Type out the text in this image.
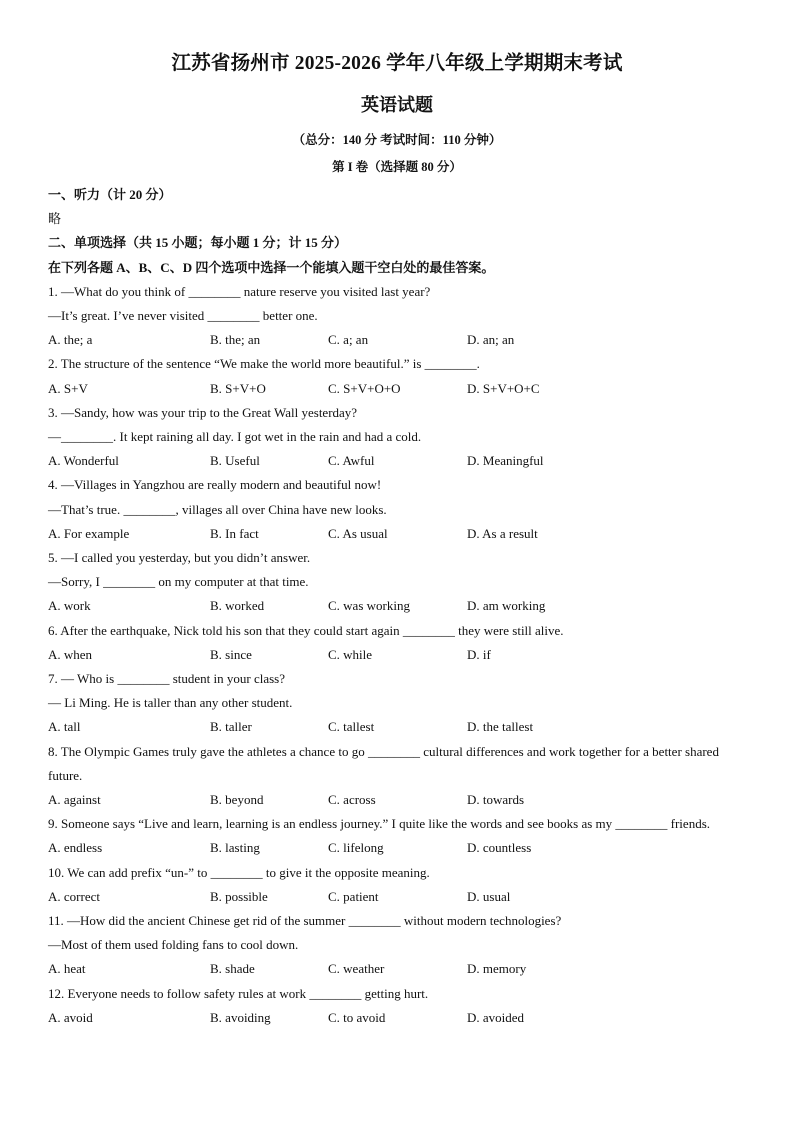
江苏省扬州市 2025-2026 学年八年级上学期期末考试
英语试题
（总分：140 分 考试时间：110 分钟）
第 I 卷（选择题 80 分）
一、听力（计 20 分）
略
二、单项选择（共 15 小题；每小题 1 分；计 15 分）
在下列各题 A、B、C、D 四个选项中选择一个能填入题干空白处的最佳答案。
1. —What do you think of ________ nature reserve you visited last year?
—It’s great. I’ve never visited ________ better one.
A. the; a	B. the; an	C. a; an	D. an; an
2. The structure of the sentence “We make the world more beautiful.” is ________.
A. S+V	B. S+V+O	C. S+V+O+O	D. S+V+O+C
3. —Sandy, how was your trip to the Great Wall yesterday?
—________. It kept raining all day. I got wet in the rain and had a cold.
A. Wonderful	B. Useful	C. Awful	D. Meaningful
4. —Villages in Yangzhou are really modern and beautiful now!
—That’s true. ________, villages all over China have new looks.
A. For example	B. In fact	C. As usual	D. As a result
5. —I called you yesterday, but you didn’t answer.
—Sorry, I ________ on my computer at that time.
A. work	B. worked	C. was working	D. am working
6. After the earthquake, Nick told his son that they could start again ________ they were still alive.
A. when	B. since	C. while	D. if
7. — Who is ________ student in your class?
— Li Ming. He is taller than any other student.
A. tall	B. taller	C. tallest	D. the tallest
8. The Olympic Games truly gave the athletes a chance to go ________ cultural differences and work together for a better shared future.
A. against	B. beyond	C. across	D. towards
9. Someone says “Live and learn, learning is an endless journey.” I quite like the words and see books as my ________ friends.
A. endless	B. lasting	C. lifelong	D. countless
10. We can add prefix “un-” to ________ to give it the opposite meaning.
A. correct	B. possible	C. patient	D. usual
11. —How did the ancient Chinese get rid of the summer ________ without modern technologies?
—Most of them used folding fans to cool down.
A. heat	B. shade	C. weather	D. memory
12. Everyone needs to follow safety rules at work ________ getting hurt.
A. avoid	B. avoiding	C. to avoid	D. avoided
